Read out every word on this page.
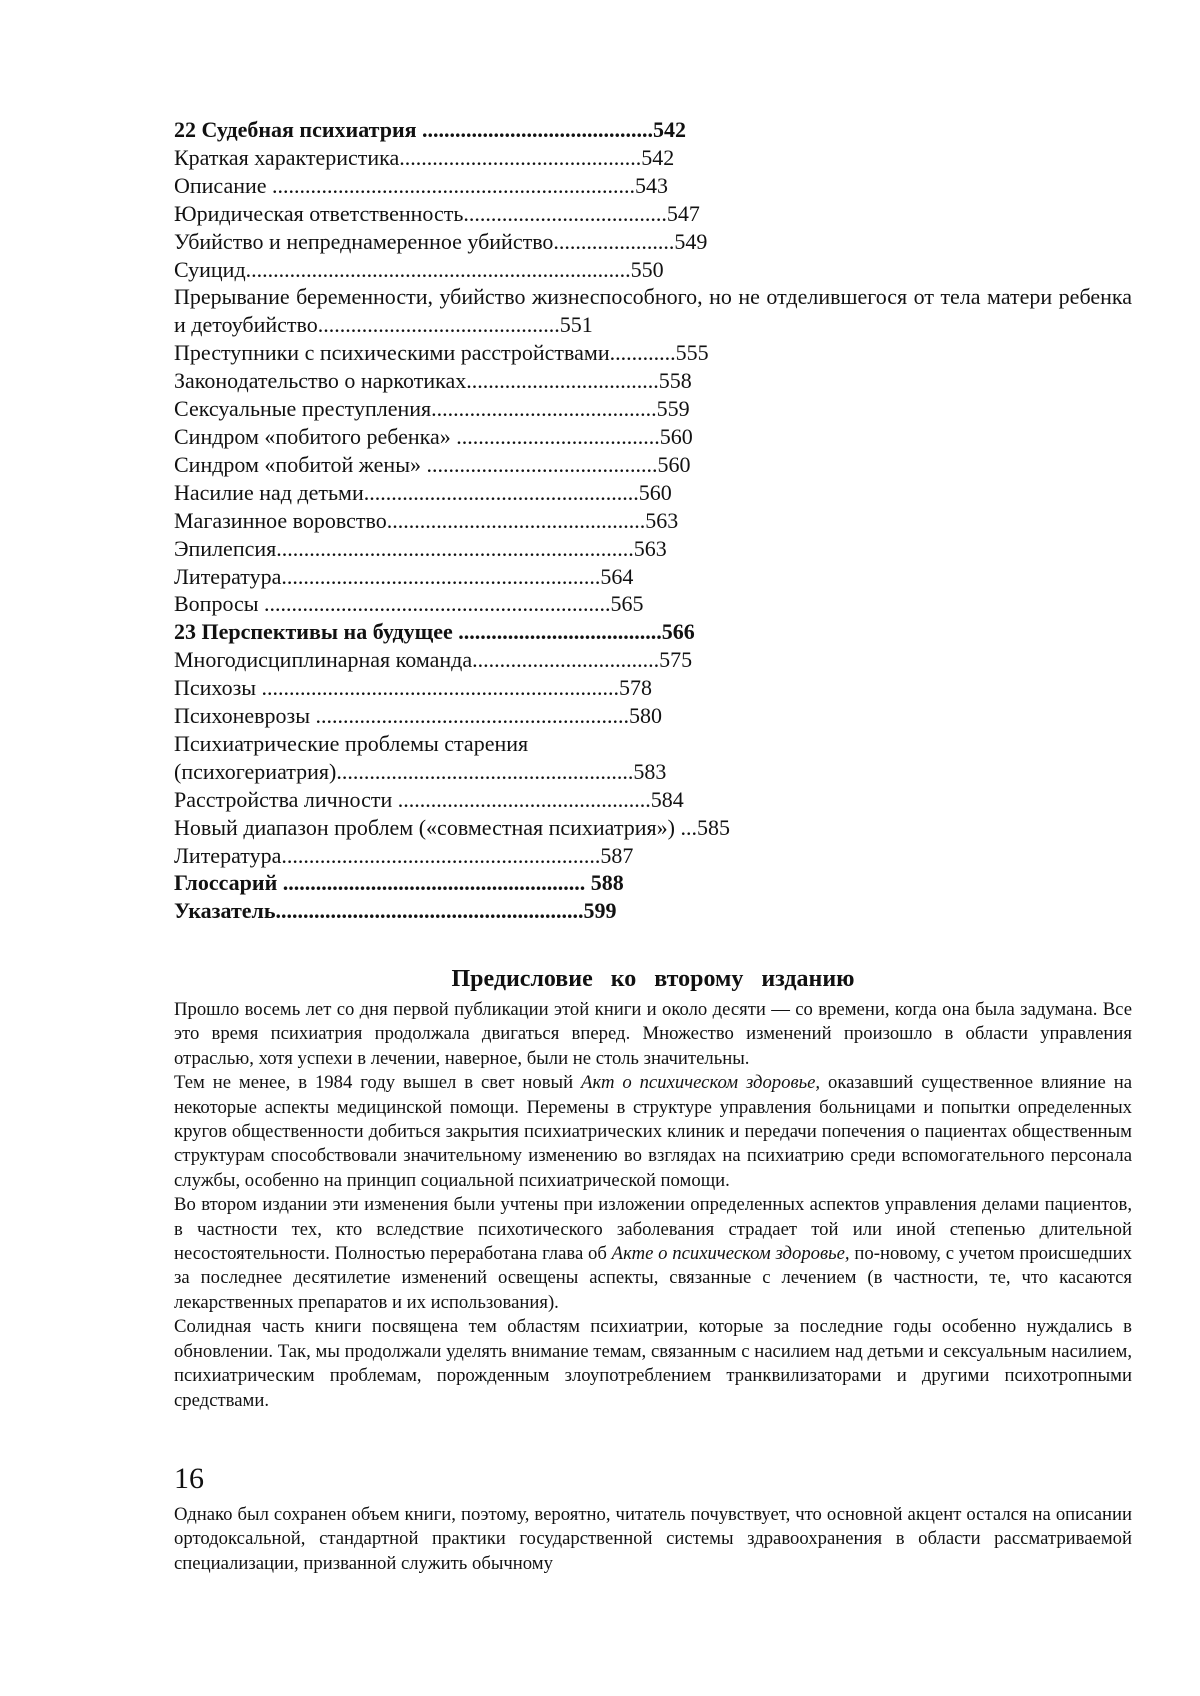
22 Судебная психиатрия ..........................................542
Краткая характеристика............................................542
Описание ..................................................................543
Юридическая ответственность.....................................547
Убийство и непреднамеренное убийство......................549
Суицид......................................................................550
Прерывание беременности, убийство жизнеспособного, но не отделившегося от тела матери ребенка и детоубийство............................................551
Преступники с психическими расстройствами............555
Законодательство о наркотиках...................................558
Сексуальные преступления.........................................559
Синдром «побитого ребенка» .....................................560
Синдром «побитой жены» ..........................................560
Насилие над детьми..................................................560
Магазинное воровство...............................................563
Эпилепсия.................................................................563
Литература..........................................................564
Вопросы ...............................................................565
23 Перспективы на будущее .....................................566
Многодисциплинарная команда..................................575
Психозы .................................................................578
Психоневрозы .........................................................580
Психиатрические проблемы старения
(психогериатрия)......................................................583
Расстройства личности ..............................................584
Новый диапазон проблем («совместная психиатрия») ...585
Литература..........................................................587
Глоссарий ....................................................... 588
Указатель........................................................599
Предисловие ко второму изданию

Прошло восемь лет со дня первой публикации этой книги и около десяти — со времени, когда она была задумана. Все это время психиатрия продолжала двигаться вперед. Множество изменений произошло в области управления отраслью, хотя успехи в лечении, наверное, были не столь значительны.

Тем не менее, в 1984 году вышел в свет новый Акт о психическом здоровье, оказавший существенное влияние на некоторые аспекты медицинской помощи. Перемены в структуре управления больницами и попытки определенных кругов общественности добиться закрытия психиатрических клиник и передачи попечения о пациентах общественным структурам способствовали значительному изменению во взглядах на психиатрию среди вспомогательного персонала службы, особенно на принцип социальной психиатрической помощи.

Во втором издании эти изменения были учтены при изложении определенных аспектов управления делами пациентов, в частности тех, кто вследствие психотического заболевания страдает той или иной степенью длительной несостоятельности. Полностью переработана глава об Акте о психическом здоровье, по-новому, с учетом происшедших за последнее десятилетие изменений освещены аспекты, связанные с лечением (в частности, те, что касаются лекарственных препаратов и их использования).

Солидная часть книги посвящена тем областям психиатрии, которые за последние годы особенно нуждались в обновлении. Так, мы продолжали уделять внимание темам, связанным с насилием над детьми и сексуальным насилием, психиатрическим проблемам, порожденным злоупотреблением транквилизаторами и другими психотропными средствами.

16

Однако был сохранен объем книги, поэтому, вероятно, читатель почувствует, что основной акцент остался на описании ортодоксальной, стандартной практики государственной системы здравоохранения в области рассматриваемой специализации, призванной служить обычному
